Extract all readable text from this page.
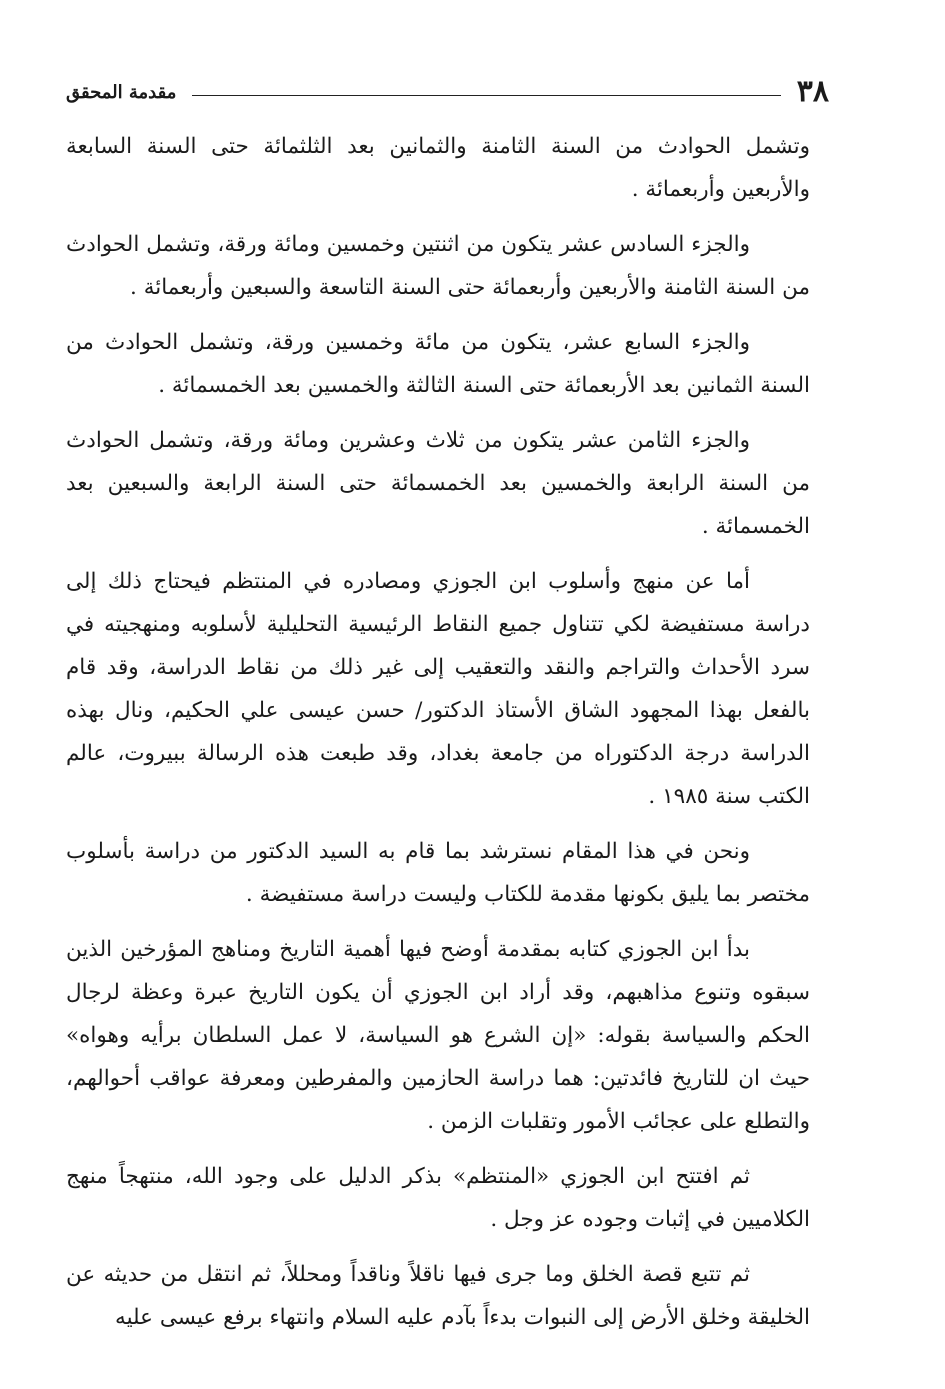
٣٨
مقدمة المحقق

وتشمل الحوادث من السنة الثامنة والثمانين بعد الثلثمائة حتى السنة السابعة والأربعين وأربعمائة .

والجزء السادس عشر يتكون من اثنتين وخمسين ومائة ورقة، وتشمل الحوادث من السنة الثامنة والأربعين وأربعمائة حتى السنة التاسعة والسبعين وأربعمائة .

والجزء السابع عشر، يتكون من مائة وخمسين ورقة، وتشمل الحوادث من السنة الثمانين بعد الأربعمائة حتى السنة الثالثة والخمسين بعد الخمسمائة .

والجزء الثامن عشر يتكون من ثلاث وعشرين ومائة ورقة، وتشمل الحوادث من السنة الرابعة والخمسين بعد الخمسمائة حتى السنة الرابعة والسبعين بعد الخمسمائة .

أما عن منهج وأسلوب ابن الجوزي ومصادره في المنتظم فيحتاج ذلك إلى دراسة مستفيضة لكي تتناول جميع النقاط الرئيسية التحليلية لأسلوبه ومنهجيته في سرد الأحداث والتراجم والنقد والتعقيب إلى غير ذلك من نقاط الدراسة، وقد قام بالفعل بهذا المجهود الشاق الأستاذ الدكتور/ حسن عيسى علي الحكيم، ونال بهذه الدراسة درجة الدكتوراه من جامعة بغداد، وقد طبعت هذه الرسالة ببيروت، عالم الكتب سنة ١٩٨٥ .

ونحن في هذا المقام نسترشد بما قام به السيد الدكتور من دراسة بأسلوب مختصر بما يليق بكونها مقدمة للكتاب وليست دراسة مستفيضة .

بدأ ابن الجوزي كتابه بمقدمة أوضح فيها أهمية التاريخ ومناهج المؤرخين الذين سبقوه وتنوع مذاهبهم، وقد أراد ابن الجوزي أن يكون التاريخ عبرة وعظة لرجال الحكم والسياسة بقوله: «إن الشرع هو السياسة، لا عمل السلطان برأيه وهواه» حيث ان للتاريخ فائدتين: هما دراسة الحازمين والمفرطين ومعرفة عواقب أحوالهم، والتطلع على عجائب الأمور وتقلبات الزمن .

ثم افتتح ابن الجوزي «المنتظم» بذكر الدليل على وجود الله، منتهجاً منهج الكلاميين في إثبات وجوده عز وجل .

ثم تتبع قصة الخلق وما جرى فيها ناقلاً وناقداً ومحللاً، ثم انتقل من حديثه عن الخليقة وخلق الأرض إلى النبوات بدءاً بآدم عليه السلام وانتهاء برفع عيسى عليه
